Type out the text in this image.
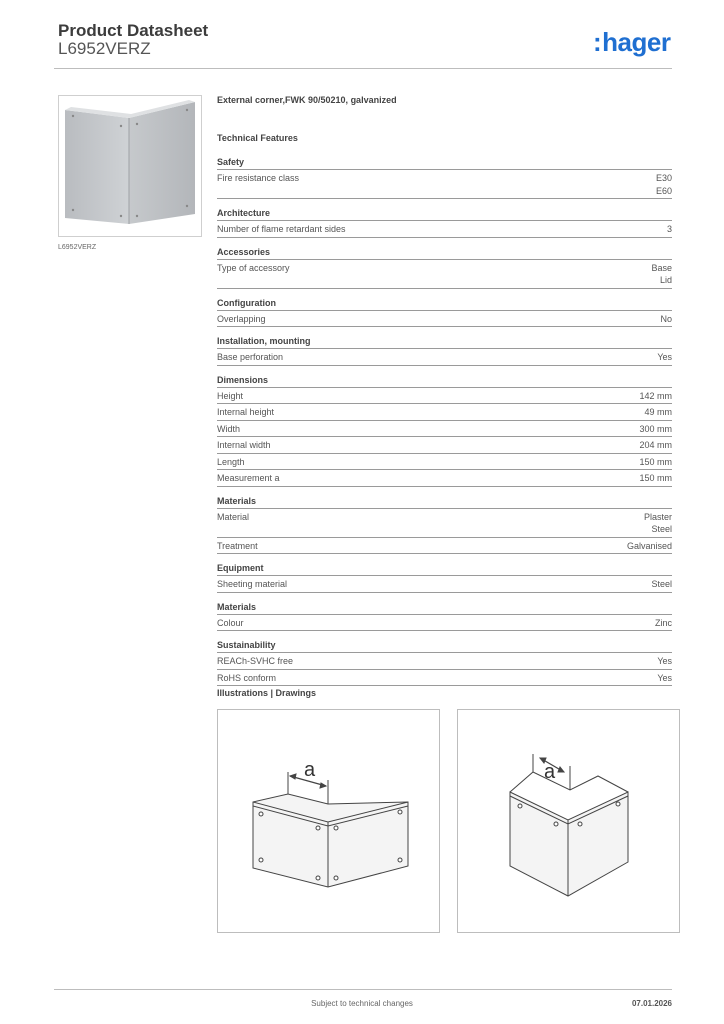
Product Datasheet
L6952VERZ	:hager
L6952VERZ
External corner,FWK 90/50210, galvanized
Technical Features
Safety
Fire resistance class	E30
E60
Architecture
Number of flame retardant sides	3
Accessories
Type of accessory	Base
Lid
Configuration
Overlapping	No
Installation, mounting
Base perforation	Yes
Dimensions
Height	142 mm
Internal height	49 mm
Width	300 mm
Internal width	204 mm
Length	150 mm
Measurement a	150 mm
Materials
Material	Plaster
Steel
Treatment	Galvanised
Equipment
Sheeting material	Steel
Materials
Colour	Zinc
Sustainability
REACh-SVHC free	Yes
RoHS conform	Yes
Illustrations | Drawings
a	a
Subject to technical changes	07.01.2026
